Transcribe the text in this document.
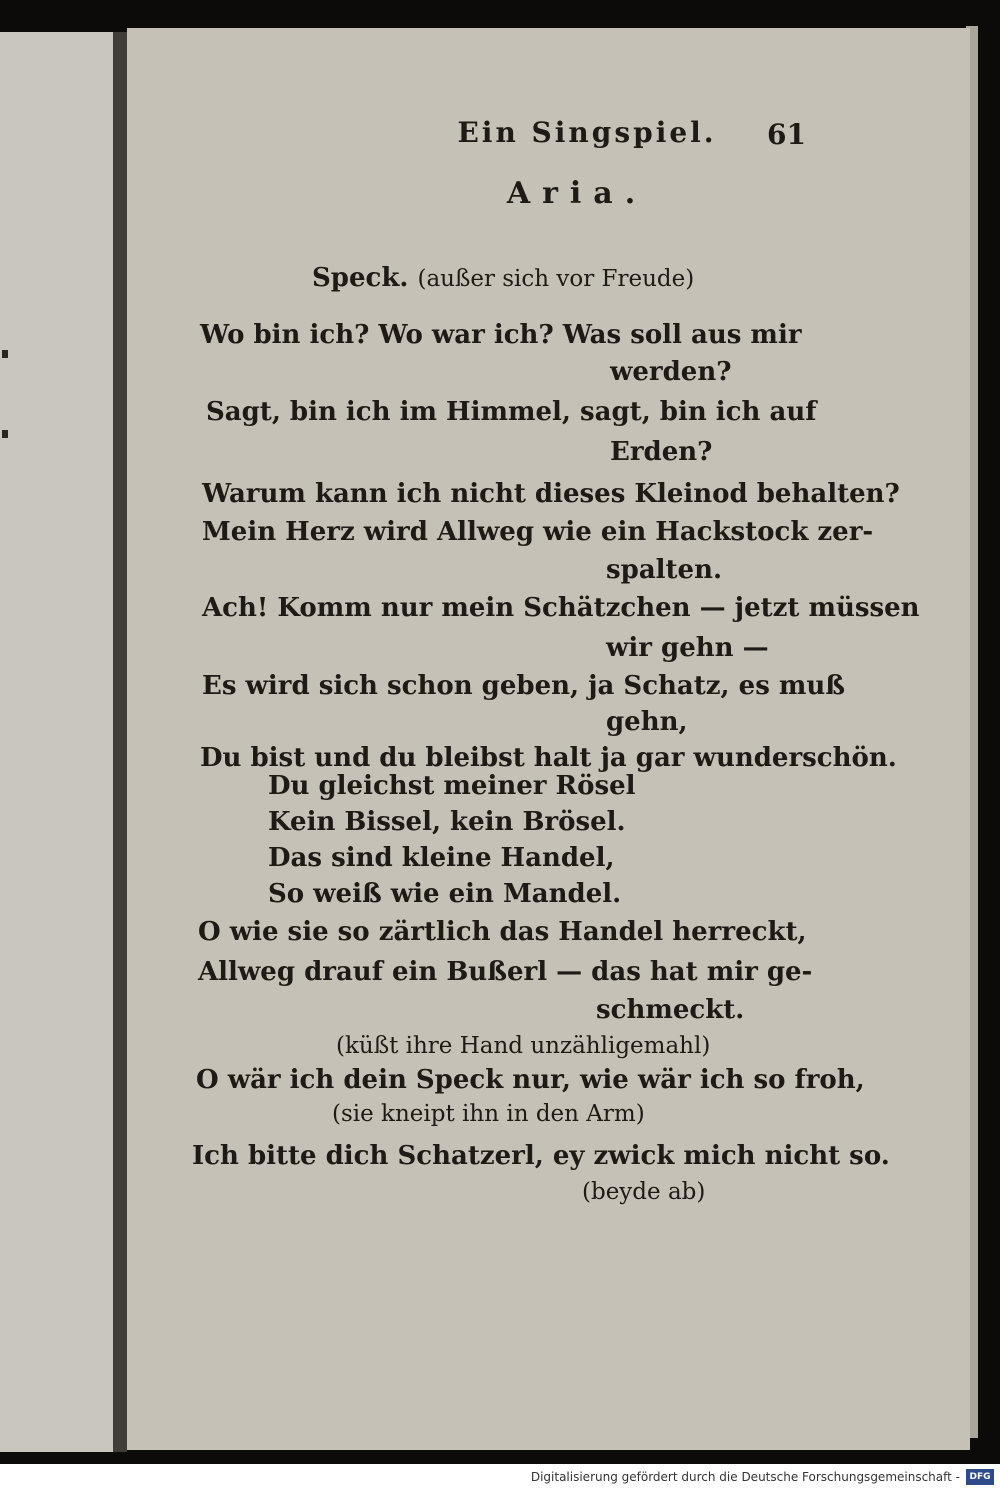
Ein Singspiel.	61
Aria.
Speck. (außer sich vor Freude)
Wo bin ich? Wo war ich? Was soll aus mir
werden?
Sagt, bin ich im Himmel, sagt, bin ich auf
Erden?
Warum kann ich nicht dieses Kleinod behalten?
Mein Herz wird Allweg wie ein Hackstock zer-
spalten.
Ach! Komm nur mein Schätzchen — jetzt müssen
wir gehn —
Es wird sich schon geben, ja Schatz, es muß
gehn,
Du bist und du bleibst halt ja gar wunderschön.
Du gleichst meiner Rösel
Kein Bissel, kein Brösel.
Das sind kleine Handel,
So weiß wie ein Mandel.
O wie sie so zärtlich das Handel herreckt,
Allweg drauf ein Bußerl — das hat mir ge-
schmeckt.
(küßt ihre Hand unzähligemahl)
O wär ich dein Speck nur, wie wär ich so froh,
(sie kneipt ihn in den Arm)
Ich bitte dich Schatzerl, ey zwick mich nicht so.
(beyde ab)
Digitalisierung gefördert durch die Deutsche Forschungsgemeinschaft -	DFG
